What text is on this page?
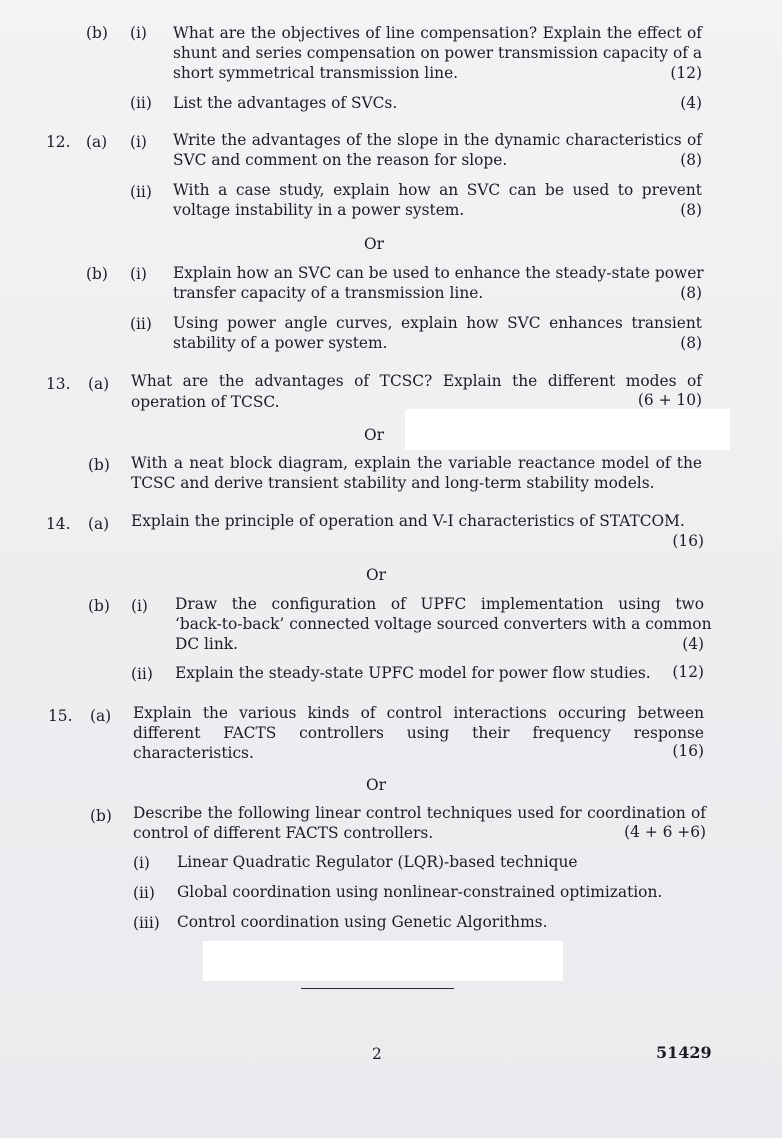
(b) (i) What are the objectives of line compensation? Explain the effect of
shunt and series compensation on power transmission capacity of a
short symmetrical transmission line.	(12)
(ii) List the advantages of SVCs.	(4)
12. (a) (i) Write the advantages of the slope in the dynamic characteristics of
SVC and comment on the reason for slope.	(8)
(ii) With a case study, explain how an SVC can be used to prevent
voltage instability in a power system.	(8)
Or
(b) (i) Explain how an SVC can be used to enhance the steady-state power
transfer capacity of a transmission line.	(8)
(ii) Using power angle curves, explain how SVC enhances transient
stability of a power system.	(8)
13. (a) What are the advantages of TCSC? Explain the different modes of
operation of TCSC.	(6 + 10)
Or
(b) With a neat block diagram, explain the variable reactance model of the
TCSC and derive transient stability and long-term stability models.
14. (a) Explain the principle of operation and V-I characteristics of STATCOM.
(16)
Or
(b) (i) Draw the configuration of UPFC implementation using two
‘back-to-back’ connected voltage sourced converters with a common
DC link.	(4)
(ii) Explain the steady-state UPFC model for power flow studies.	(12)
15. (a) Explain the various kinds of control interactions occuring between
different FACTS controllers using their frequency response
characteristics.	(16)
Or
(b) Describe the following linear control techniques used for coordination of
control of different FACTS controllers.	(4 + 6 +6)
(i) Linear Quadratic Regulator (LQR)-based technique
(ii) Global coordination using nonlinear-constrained optimization.
(iii) Control coordination using Genetic Algorithms.
2	51429
